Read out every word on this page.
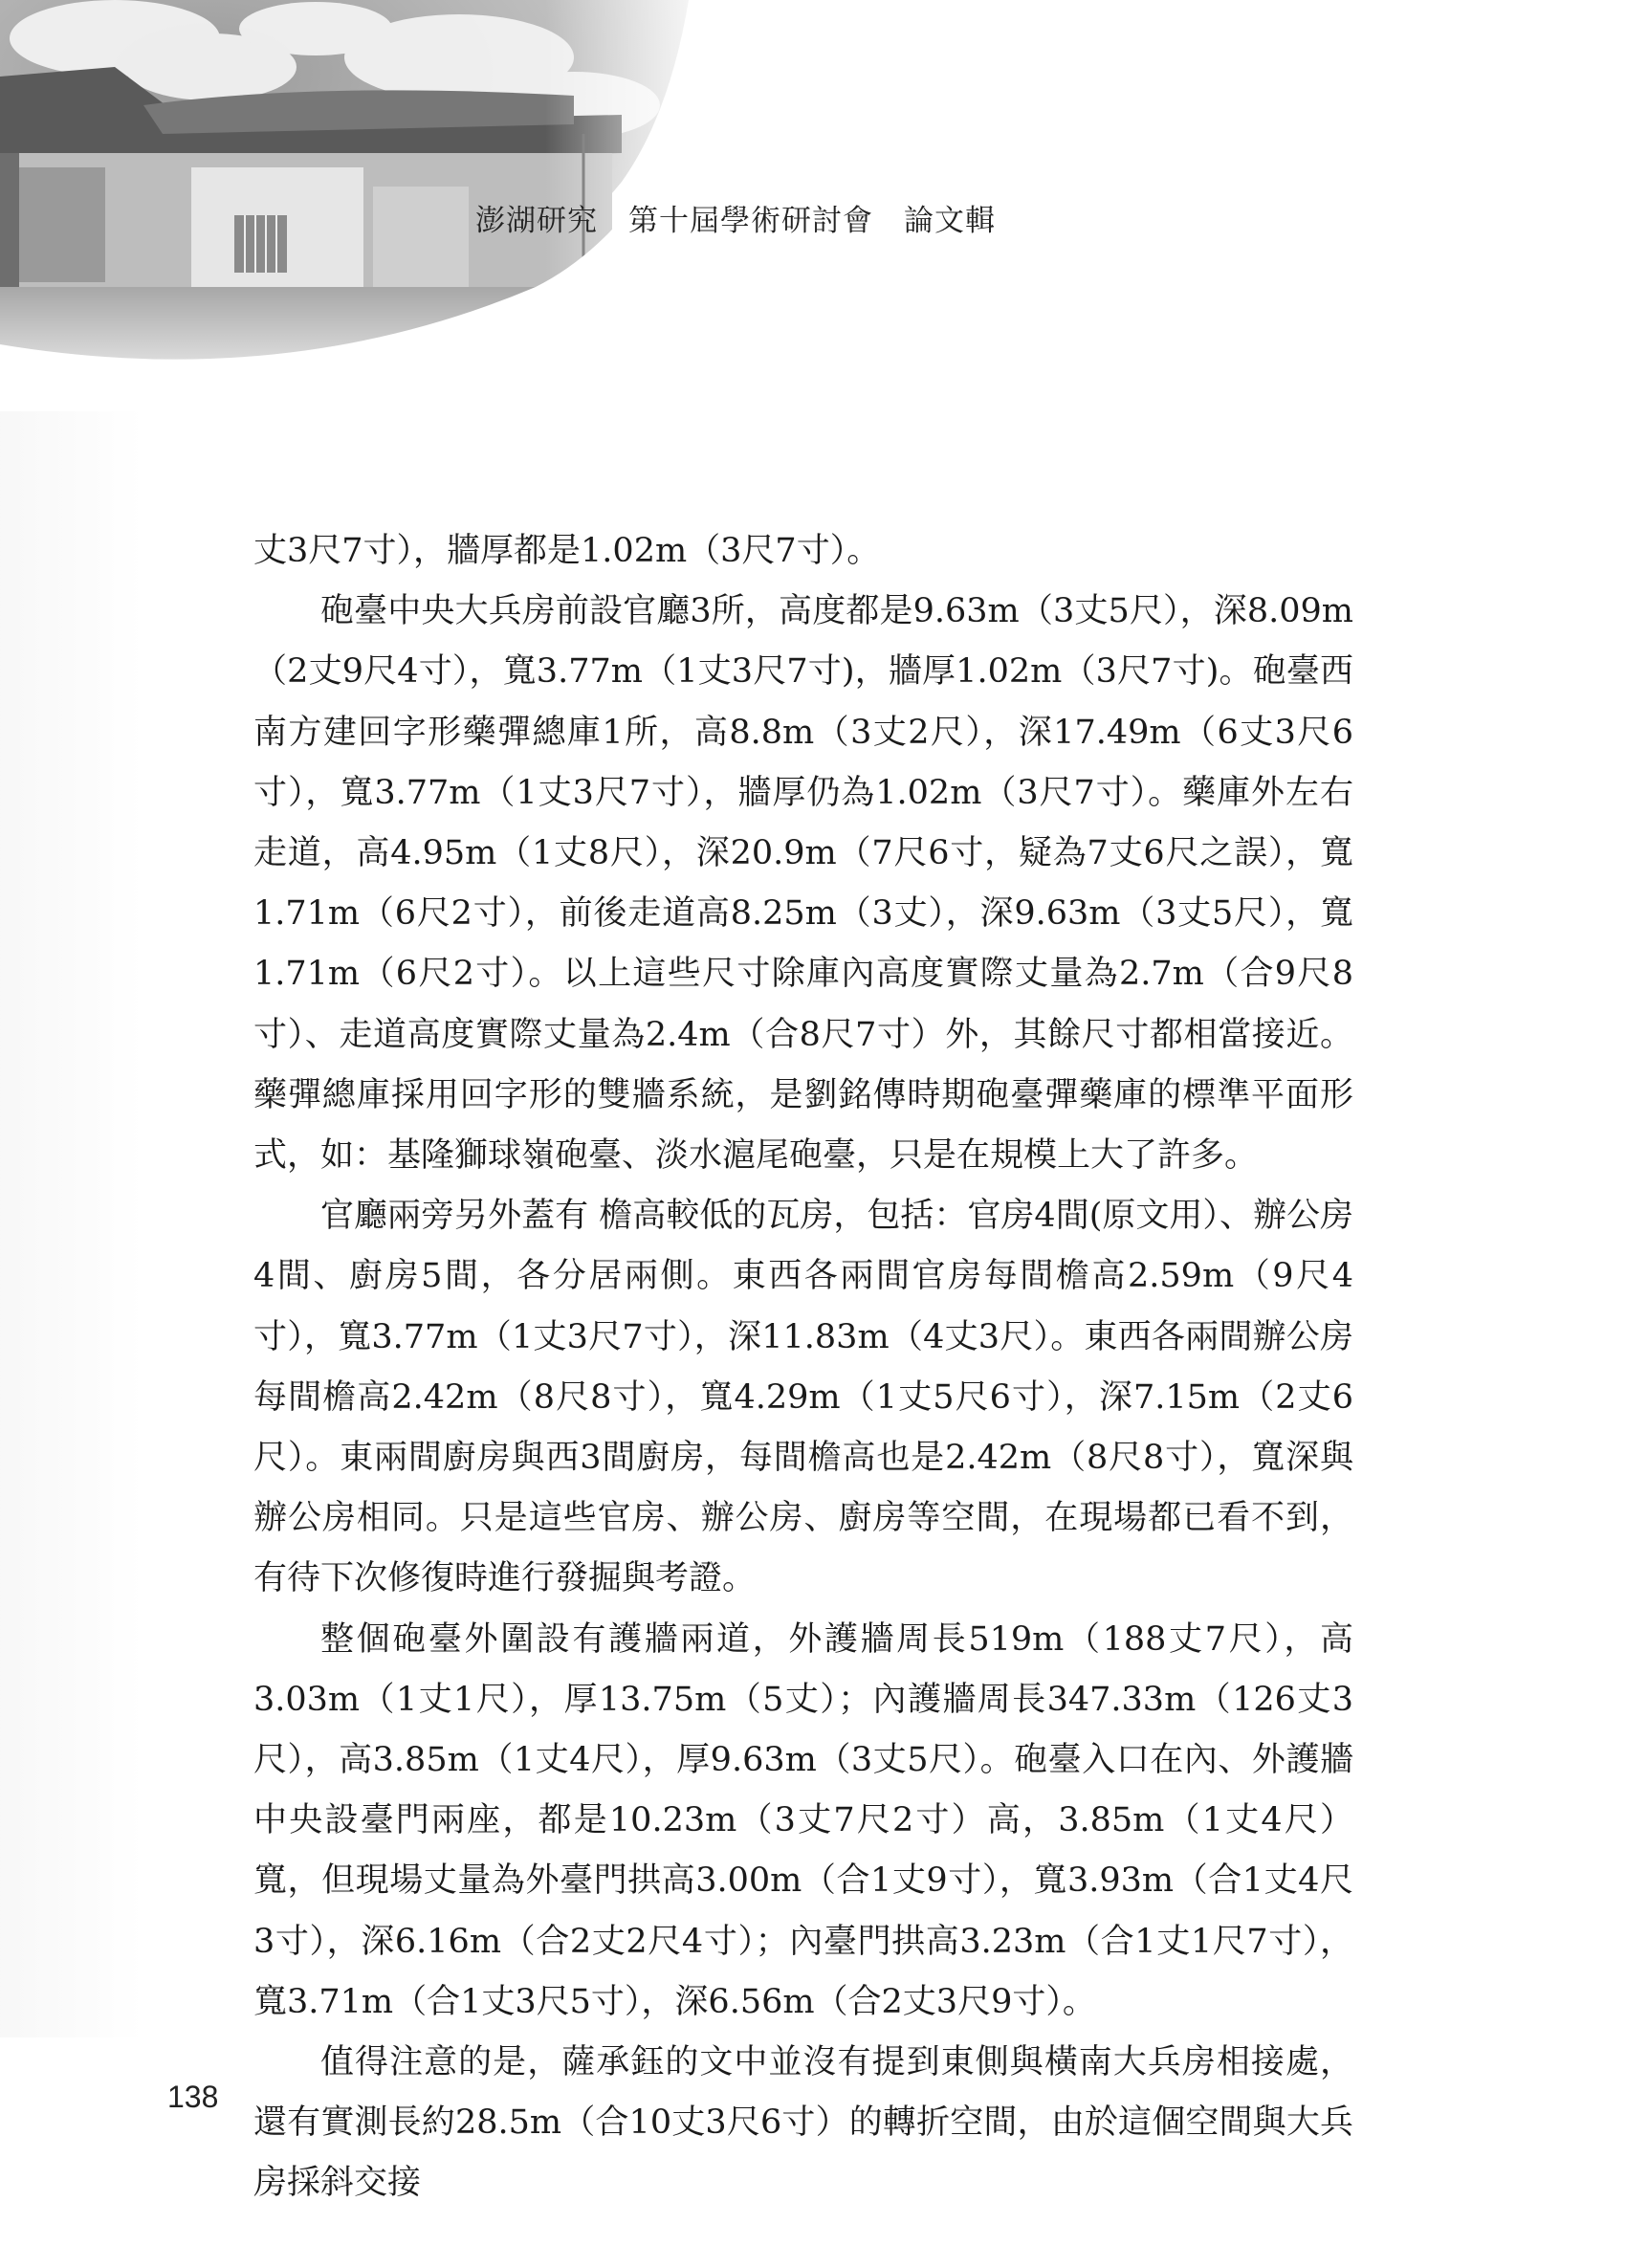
澎湖研究　第十屆學術研討會　論文輯

丈3尺7寸），牆厚都是1.02m（3尺7寸）。

砲臺中央大兵房前設官廳3所，高度都是9.63m（3丈5尺），深8.09m（2丈9尺4寸），寬3.77m（1丈3尺7寸)，牆厚1.02m（3尺7寸)。砲臺西南方建回字形藥彈總庫1所，高8.8m（3丈2尺），深17.49m（6丈3尺6寸），寬3.77m（1丈3尺7寸），牆厚仍為1.02m（3尺7寸）。藥庫外左右走道，高4.95m（1丈8尺），深20.9m（7尺6寸，疑為7丈6尺之誤），寬1.71m（6尺2寸），前後走道高8.25m（3丈），深9.63m（3丈5尺），寬1.71m（6尺2寸）。以上這些尺寸除庫內高度實際丈量為2.7m（合9尺8寸）、走道高度實際丈量為2.4m（合8尺7寸）外，其餘尺寸都相當接近。藥彈總庫採用回字形的雙牆系統，是劉銘傳時期砲臺彈藥庫的標準平面形式，如：基隆獅球嶺砲臺、淡水滬尾砲臺，只是在規模上大了許多。

官廳兩旁另外蓋有 檐高較低的瓦房，包括：官房4間(原文用）、辦公房4間、廚房5間，各分居兩側。東西各兩間官房每間檐高2.59m（9尺4寸），寬3.77m（1丈3尺7寸），深11.83m（4丈3尺）。東西各兩間辦公房每間檐高2.42m（8尺8寸），寬4.29m（1丈5尺6寸），深7.15m（2丈6尺）。東兩間廚房與西3間廚房，每間檐高也是2.42m（8尺8寸），寬深與辦公房相同。只是這些官房、辦公房、廚房等空間，在現場都已看不到，有待下次修復時進行發掘與考證。

整個砲臺外圍設有護牆兩道，外護牆周長519m（188丈7尺），高3.03m（1丈1尺），厚13.75m（5丈）；內護牆周長347.33m（126丈3尺），高3.85m（1丈4尺），厚9.63m（3丈5尺）。砲臺入口在內、外護牆中央設臺門兩座，都是10.23m（3丈7尺2寸）高，3.85m（1丈4尺）寬，但現場丈量為外臺門拱高3.00m（合1丈9寸），寬3.93m（合1丈4尺3寸），深6.16m（合2丈2尺4寸）；內臺門拱高3.23m（合1丈1尺7寸），寬3.71m（合1丈3尺5寸），深6.56m（合2丈3尺9寸）。

值得注意的是，薩承鈺的文中並沒有提到東側與橫南大兵房相接處，還有實測長約28.5m（合10丈3尺6寸）的轉折空間，由於這個空間與大兵房採斜交接

138
